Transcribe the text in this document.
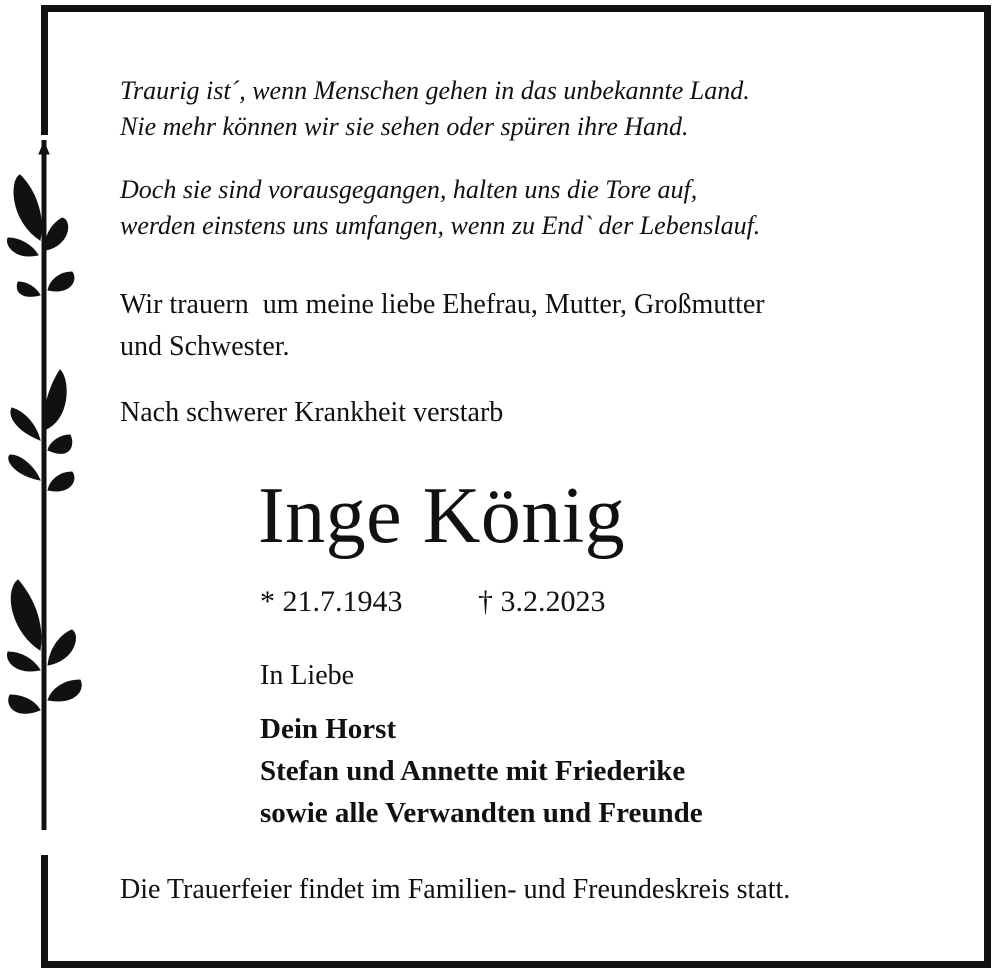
Traurig ist´, wenn Menschen gehen in das unbekannte Land.
Nie mehr können wir sie sehen oder spüren ihre Hand.
Doch sie sind vorausgegangen, halten uns die Tore auf,
werden einstens uns umfangen, wenn zu End` der Lebenslauf.
Wir trauern  um meine liebe Ehefrau, Mutter, Großmutter
und Schwester.
Nach schwerer Krankheit verstarb
Inge König
* 21.7.1943	† 3.2.2023
In Liebe
Dein Horst
Stefan und Annette mit Friederike
sowie alle Verwandten und Freunde
Die Trauerfeier findet im Familien- und Freundeskreis statt.
